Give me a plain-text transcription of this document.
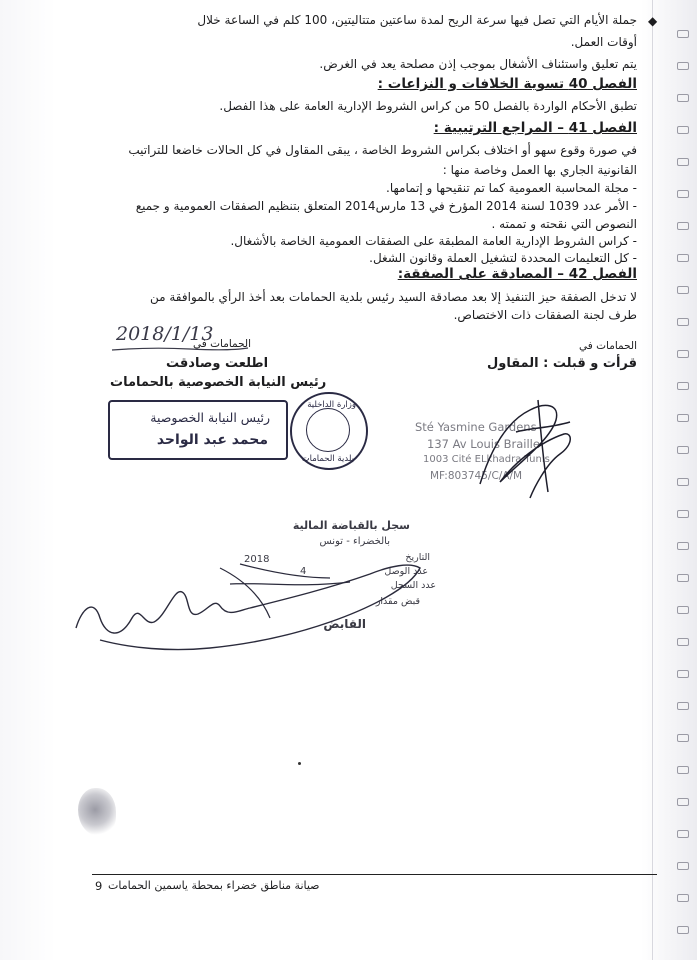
◆
جملة الأيام التي تصل فيها سرعة الريح لمدة ساعتين متتاليتين، 100 كلم في الساعة خلال
أوقات العمل.
يتم تعليق واستئناف الأشغال بموجب إذن مصلحة يعد في الغرض.
الفصل 40 تسوية الخلافات و النزاعات :
تطبق الأحكام الواردة بالفصل 50 من كراس الشروط الإدارية العامة على هذا الفصل.
الفصل 41 – المراجع الترتيبية :
في صورة وقوع سهو أو اختلاف بكراس الشروط الخاصة ، يبقى المقاول في كل الحالات خاضعا للتراتيب
القانونية الجاري بها العمل وخاصة منها :
- مجلة المحاسبة العمومية كما تم تنقيحها و إتمامها.
- الأمر عدد 1039 لسنة 2014 المؤرخ في 13 مارس2014 المتعلق بتنظيم الصفقات العمومية و جميع
النصوص التي نقحته و تممته .
- كراس الشروط الإدارية العامة المطبقة على الصفقات العمومية الخاصة بالأشغال.
- كل التعليمات المحددة لتشغيل العملة وقانون الشغل.
الفصل 42 – المصادقة على الصفقة:
لا تدخل الصفقة حيز التنفيذ إلا بعد مصادقة السيد رئيس بلدية الحمامات بعد أخذ الرأي بالموافقة من
طرف لجنة الصفقات ذات الاختصاص.
الحمامات في
2018/1/13
الحمامات في
اطلعت وصادقت	قرأت و قبلت : المقاول
رئيس النيابة الخصوصية بالحمامات
رئيس النيابة الخصوصية
محمد عبد الواحد
وزارة الداخلية
بلدية الحمامات
Sté Yasmine Gardens
137 Av Louis Braille
1003 Cité ELkhadra Tunis
MF:803745/C/A/M
سجل بالقباضة المالية
بالخضراء - تونس
التاريخ
عدد الوصل
عدد السجل
قبض مقدار
القابض
2018
4
9 صيانة مناطق خضراء بمحطة ياسمين الحمامات
